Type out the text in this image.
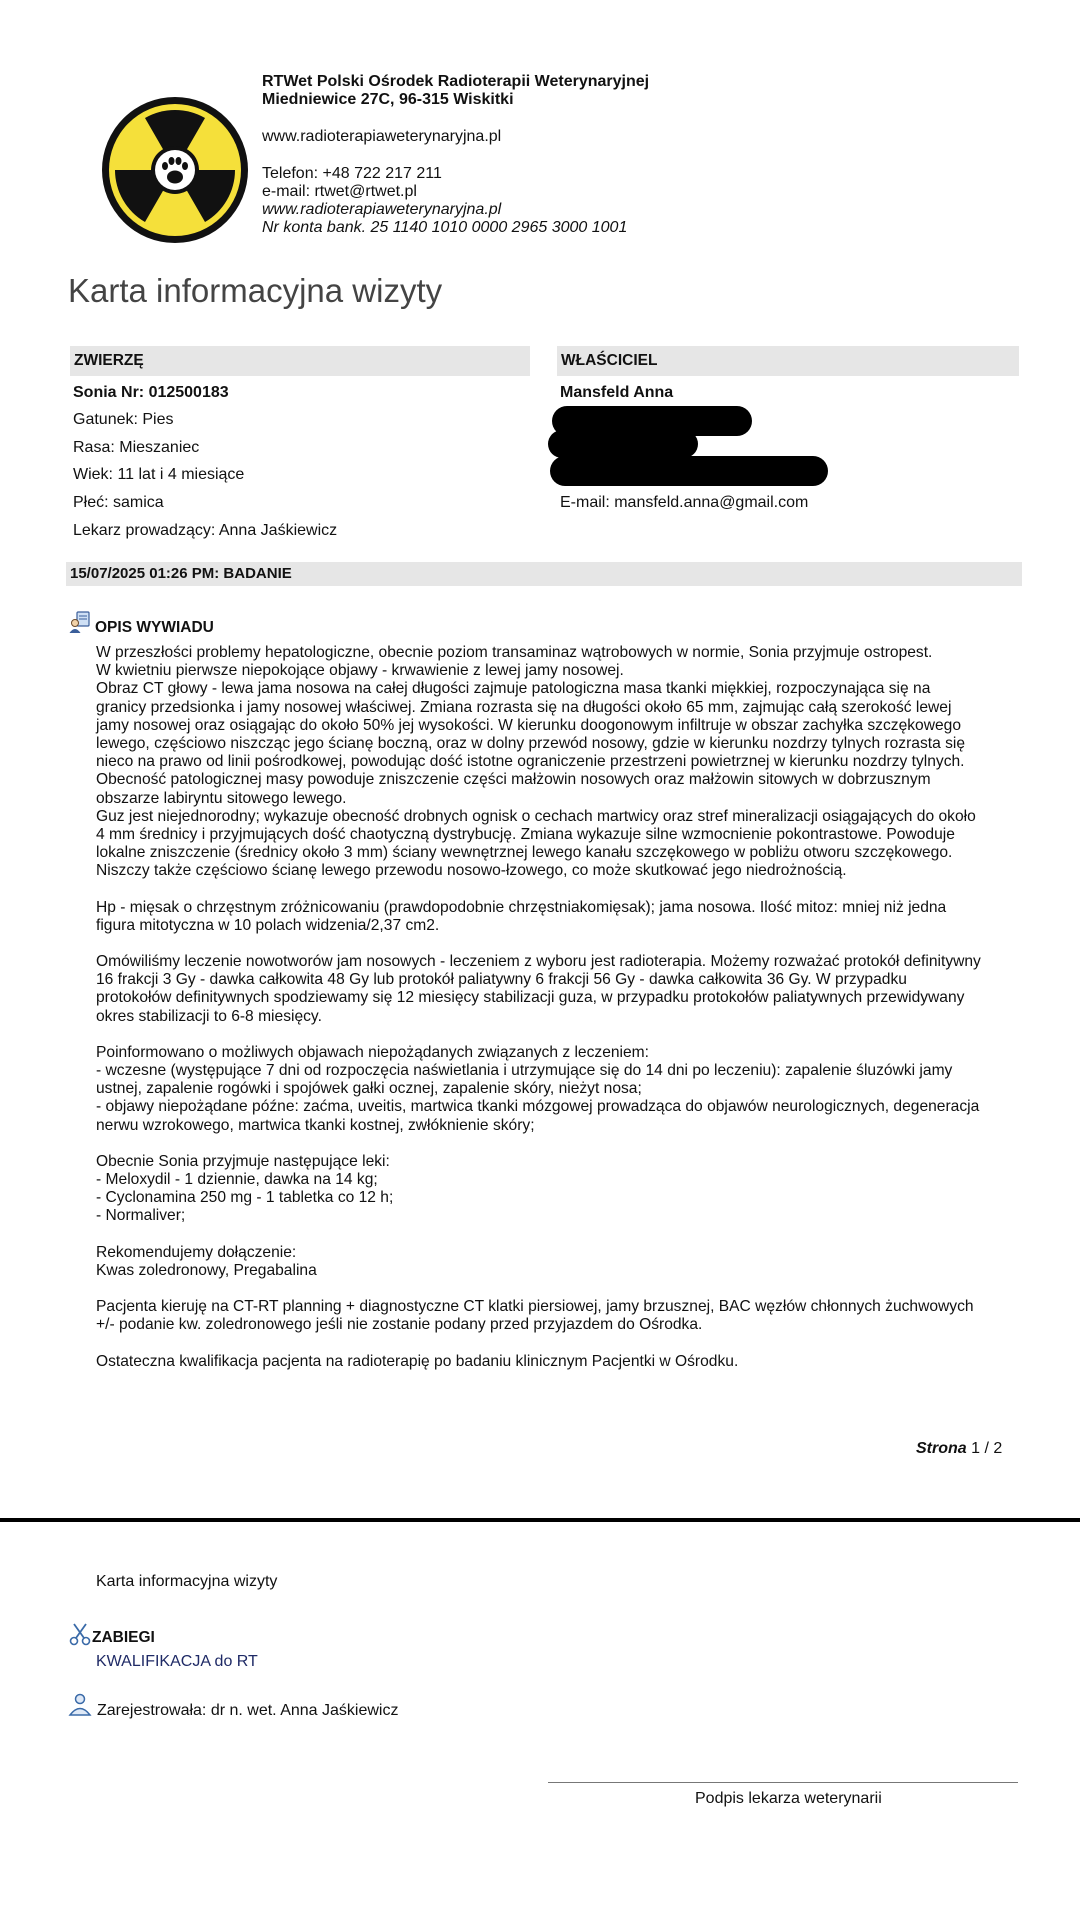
RTWet Polski Ośrodek Radioterapii Weterynaryjnej
Miedniewice 27C, 96-315 Wiskitki
www.radioterapiaweterynaryjna.pl
Telefon: +48 722 217 211
e-mail: rtwet@rtwet.pl
www.radioterapiaweterynaryjna.pl
Nr konta bank. 25 1140 1010 0000 2965 3000 1001
Karta informacyjna wizyty
ZWIERZĘ
Sonia Nr: 012500183
Gatunek: Pies
Rasa: Mieszaniec
Wiek: 11 lat i 4 miesiące
Płeć: samica
Lekarz prowadzący: Anna Jaśkiewicz
WŁAŚCICIEL
Mansfeld Anna
E-mail: mansfeld.anna@gmail.com
15/07/2025 01:26 PM: BADANIE
OPIS WYWIADU

W przeszłości problemy hepatologiczne, obecnie poziom transaminaz wątrobowych w normie, Sonia przyjmuje ostropest.
W kwietniu pierwsze niepokojące objawy - krwawienie z lewej jamy nosowej.
Obraz CT głowy - lewa jama nosowa na całej długości zajmuje patologiczna masa tkanki miękkiej, rozpoczynająca się na
granicy przedsionka i jamy nosowej właściwej. Zmiana rozrasta się na długości około 65 mm, zajmując całą szerokość lewej
jamy nosowej oraz osiągając do około 50% jej wysokości. W kierunku doogonowym infiltruje w obszar zachyłka szczękowego
lewego, częściowo niszcząc jego ścianę boczną, oraz w dolny przewód nosowy, gdzie w kierunku nozdrzy tylnych rozrasta się
nieco na prawo od linii pośrodkowej, powodując dość istotne ograniczenie przestrzeni powietrznej w kierunku nozdrzy tylnych.
Obecność patologicznej masy powoduje zniszczenie części małżowin nosowych oraz małżowin sitowych w dobrzusznym
obszarze labiryntu sitowego lewego.
Guz jest niejednorodny; wykazuje obecność drobnych ognisk o cechach martwicy oraz stref mineralizacji osiągających do około
4 mm średnicy i przyjmujących dość chaotyczną dystrybucję. Zmiana wykazuje silne wzmocnienie pokontrastowe. Powoduje
lokalne zniszczenie (średnicy około 3 mm) ściany wewnętrznej lewego kanału szczękowego w pobliżu otworu szczękowego.
Niszczy także częściowo ścianę lewego przewodu nosowo-łzowego, co może skutkować jego niedrożnością.

Hp - mięsak o chrzęstnym zróżnicowaniu (prawdopodobnie chrzęstniakomięsak); jama nosowa. Ilość mitoz: mniej niż jedna
figura mitotyczna w 10 polach widzenia/2,37 cm2.

Omówiliśmy leczenie nowotworów jam nosowych - leczeniem z wyboru jest radioterapia. Możemy rozważać protokół definitywny
16 frakcji 3 Gy - dawka całkowita 48 Gy lub protokół paliatywny 6 frakcji 56 Gy - dawka całkowita 36 Gy. W przypadku
protokołów definitywnych spodziewamy się 12 miesięcy stabilizacji guza, w przypadku protokołów paliatywnych przewidywany
okres stabilizacji to 6-8 miesięcy.

Poinformowano o możliwych objawach niepożądanych związanych z leczeniem:
- wczesne (występujące 7 dni od rozpoczęcia naświetlania i utrzymujące się do 14 dni po leczeniu): zapalenie śluzówki jamy
ustnej, zapalenie rogówki i spojówek gałki ocznej, zapalenie skóry, nieżyt nosa;
- objawy niepożądane późne: zaćma, uveitis, martwica tkanki mózgowej prowadząca do objawów neurologicznych, degeneracja
nerwu wzrokowego, martwica tkanki kostnej, zwłóknienie skóry;

Obecnie Sonia przyjmuje następujące leki:
- Meloxydil - 1 dziennie, dawka na 14 kg;
- Cyclonamina 250 mg - 1 tabletka co 12 h;
- Normaliver;

Rekomendujemy dołączenie:
Kwas zoledronowy, Pregabalina

Pacjenta kieruję na CT-RT planning + diagnostyczne CT klatki piersiowej, jamy brzusznej, BAC węzłów chłonnych żuchwowych
+/- podanie kw. zoledronowego jeśli nie zostanie podany przed przyjazdem do Ośrodka.

Ostateczna kwalifikacja pacjenta na radioterapię po badaniu klinicznym Pacjentki w Ośrodku.

Strona 1 / 2
Karta informacyjna wizyty
ZABIEGI
KWALIFIKACJA do RT
Zarejestrowała: dr n. wet. Anna Jaśkiewicz
Podpis lekarza weterynarii
